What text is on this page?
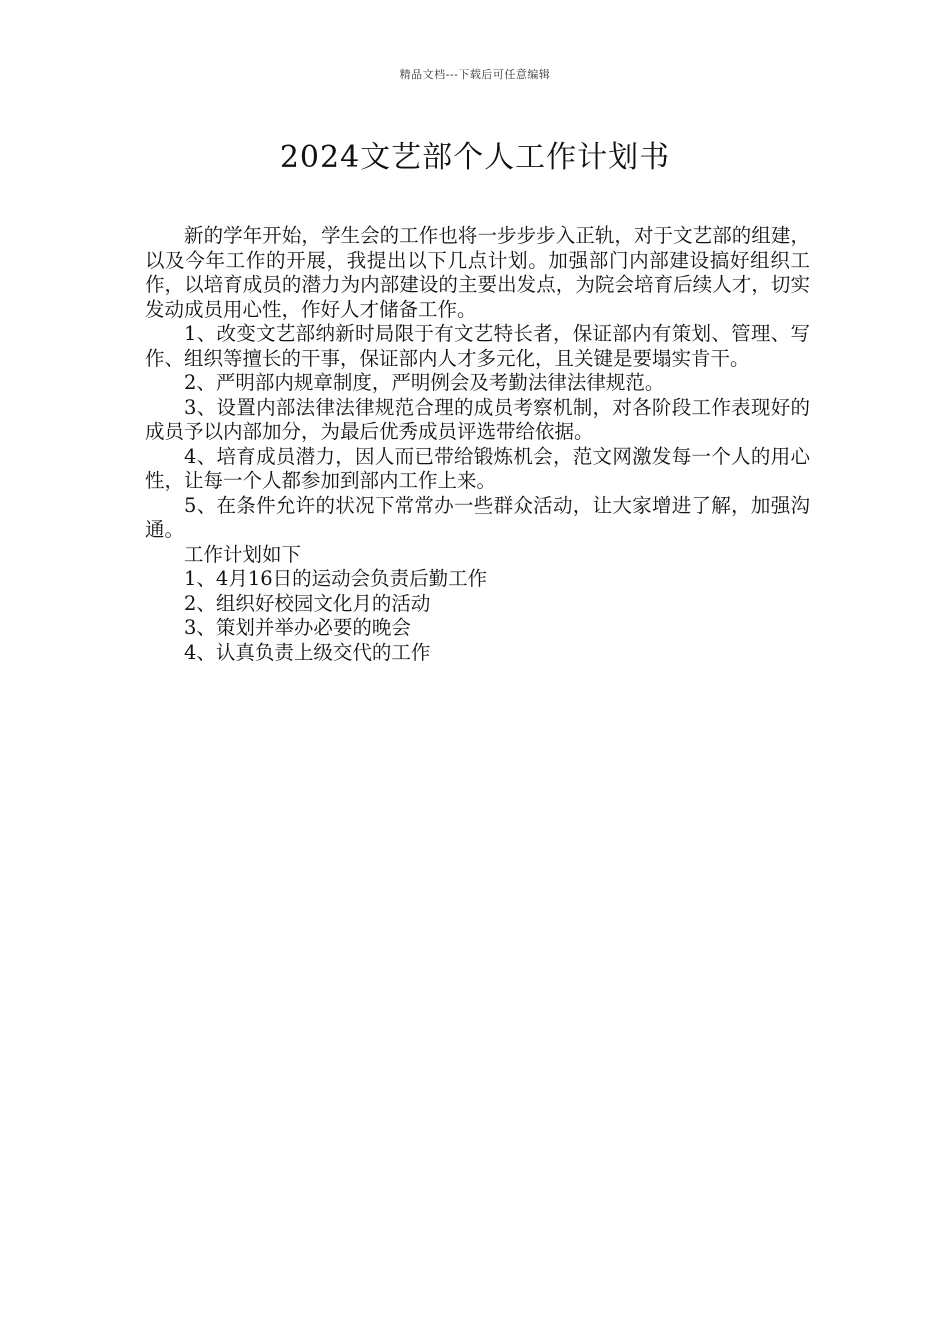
精品文档---下载后可任意编辑
2024文艺部个人工作计划书

新的学年开始，学生会的工作也将一步步步入正轨，对于文艺部的组建，以及今年工作的开展，我提出以下几点计划。加强部门内部建设搞好组织工作，以培育成员的潜力为内部建设的主要出发点，为院会培育后续人才，切实发动成员用心性，作好人才储备工作。

1、改变文艺部纳新时局限于有文艺特长者，保证部内有策划、管理、写作、组织等擅长的干事，保证部内人才多元化，且关键是要塌实肯干。

2、严明部内规章制度，严明例会及考勤法律法律规范。

3、设置内部法律法律规范合理的成员考察机制，对各阶段工作表现好的成员予以内部加分，为最后优秀成员评选带给依据。

4、培育成员潜力，因人而已带给锻炼机会，范文网激发每一个人的用心性，让每一个人都参加到部内工作上来。

5、在条件允许的状况下常常办一些群众活动，让大家增进了解，加强沟通。

工作计划如下

1、4月16日的运动会负责后勤工作

2、组织好校园文化月的活动

3、策划并举办必要的晚会

4、认真负责上级交代的工作
